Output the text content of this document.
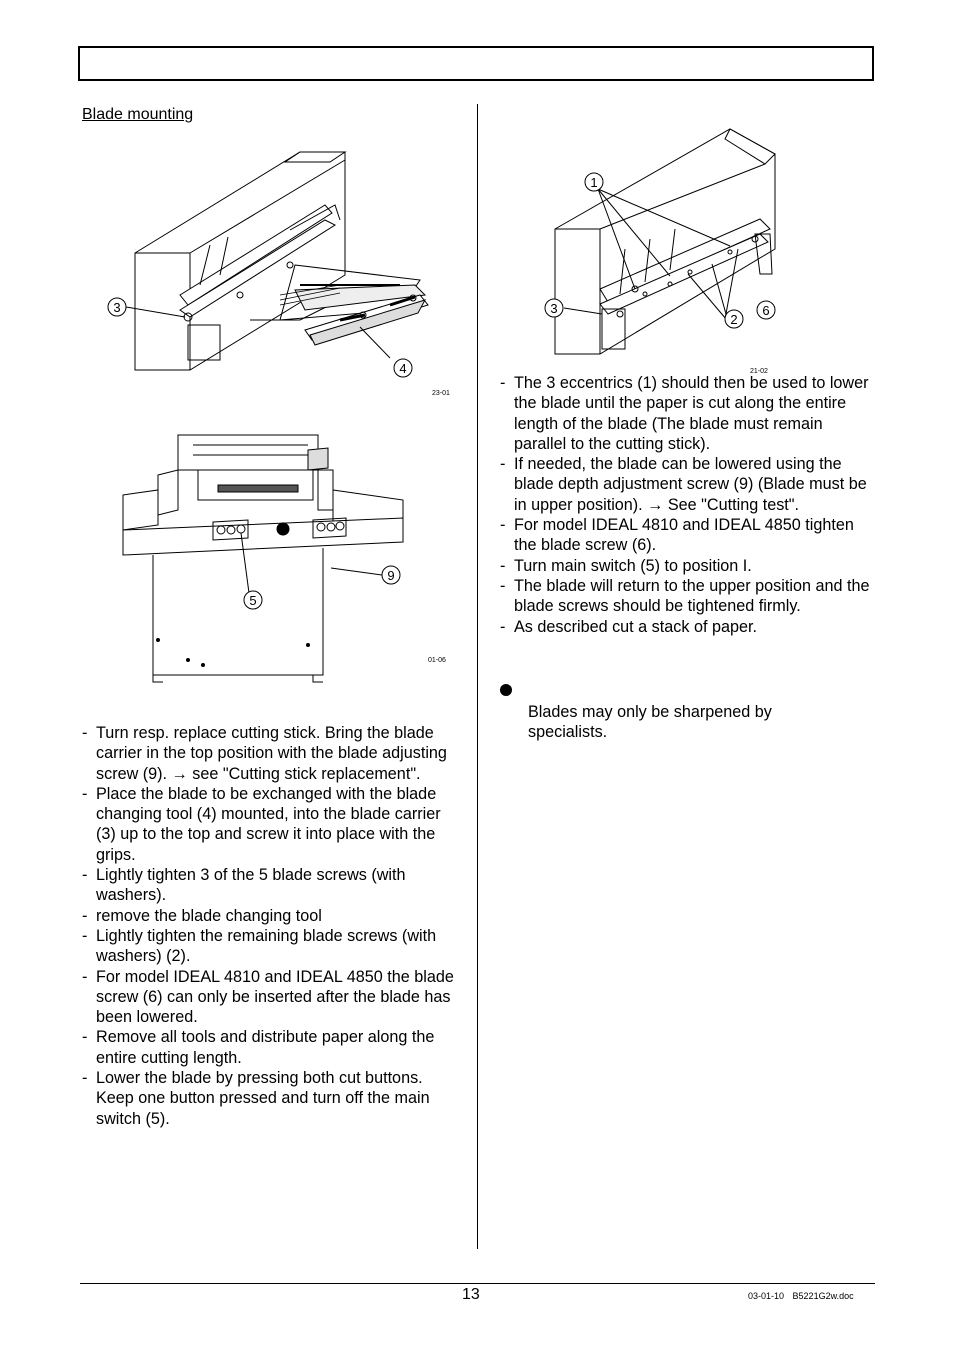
Blade mounting
3
4
23-01
9
5
01-06
1
3
2
6
21-02
- Turn resp. replace cutting stick. Bring the blade carrier in the top position with the blade adjusting screw (9). → see "Cutting stick replacement".
- Place the blade to be exchanged with the blade changing tool (4) mounted, into the blade carrier (3) up to the top and screw it into place with the grips.
- Lightly tighten 3 of the 5 blade screws (with washers).
- remove the blade changing tool
- Lightly tighten the remaining blade screws (with washers) (2).
- For model IDEAL 4810 and IDEAL 4850 the blade screw (6) can only be inserted after the blade has been lowered.
- Remove all tools and distribute paper along the entire cutting length.
- Lower the blade by pressing both cut buttons. Keep one button pressed and turn off the main switch (5).
- The 3 eccentrics (1) should then be used to lower the blade until the paper is cut along the entire length of the blade (The blade must remain parallel to the cutting stick).
- If needed, the blade can be lowered using the blade depth adjustment screw (9) (Blade must be in upper position). → See "Cutting test".
- For model IDEAL 4810 and IDEAL 4850 tighten the blade screw (6).
- Turn main switch (5) to position I.
- The blade will return to the upper position and the blade screws should be tightened firmly.
- As described cut a stack of paper.
Blades may only be sharpened by specialists.
13	03-01-10 B5221G2w.doc
